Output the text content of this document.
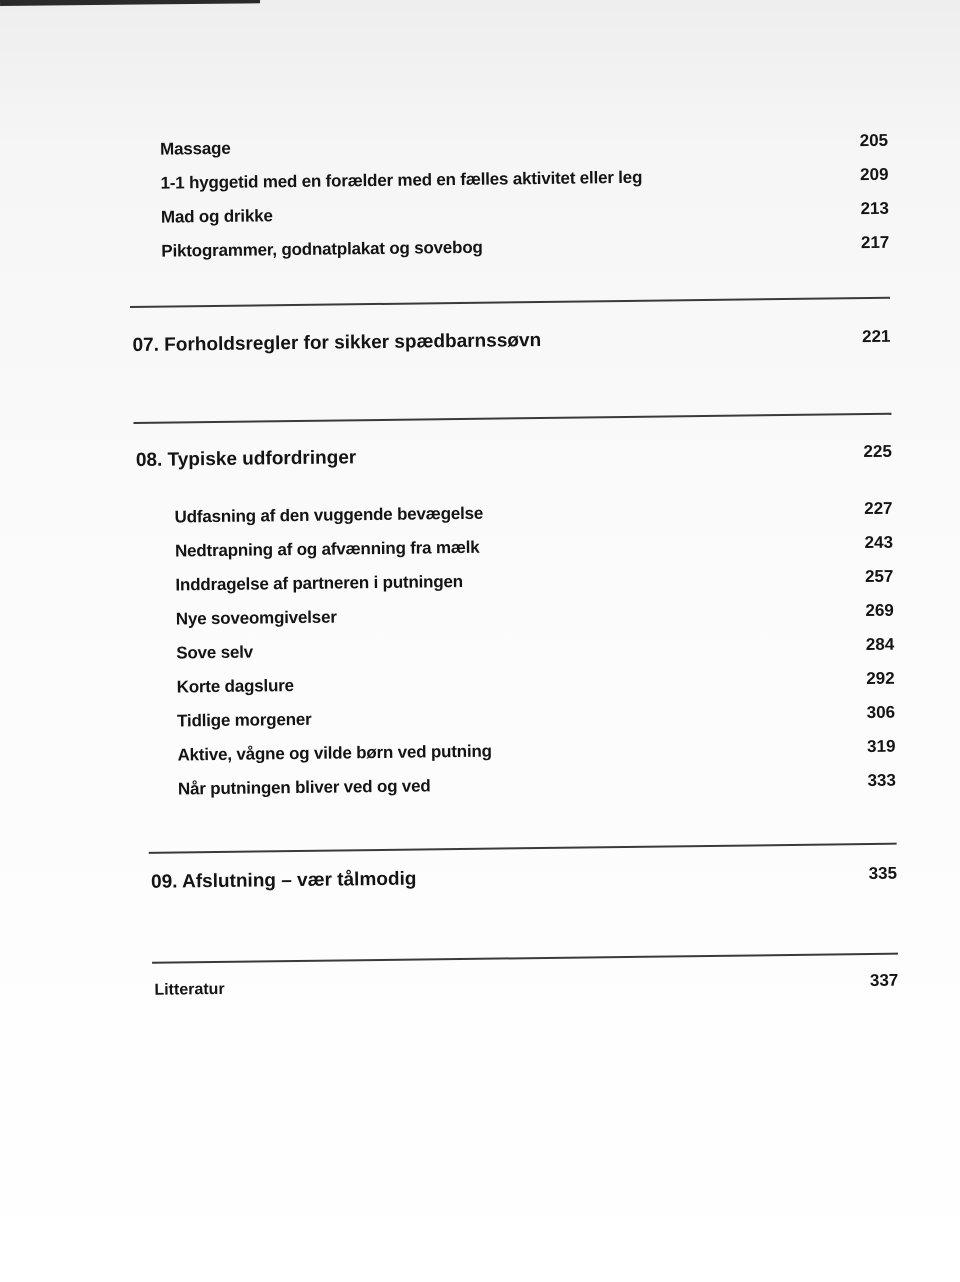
Massage	205
1-1 hyggetid med en forælder med en fælles aktivitet eller leg	209
Mad og drikke	213
Piktogrammer, godnatplakat og sovebog	217
07. Forholdsregler for sikker spædbarnssøvn	221
08. Typiske udfordringer	225
Udfasning af den vuggende bevægelse	227
Nedtrapning af og afvænning fra mælk	243
Inddragelse af partneren i putningen	257
Nye soveomgivelser	269
Sove selv	284
Korte dagslure	292
Tidlige morgener	306
Aktive, vågne og vilde børn ved putning	319
Når putningen bliver ved og ved	333
09. Afslutning – vær tålmodig	335
Litteratur	337
